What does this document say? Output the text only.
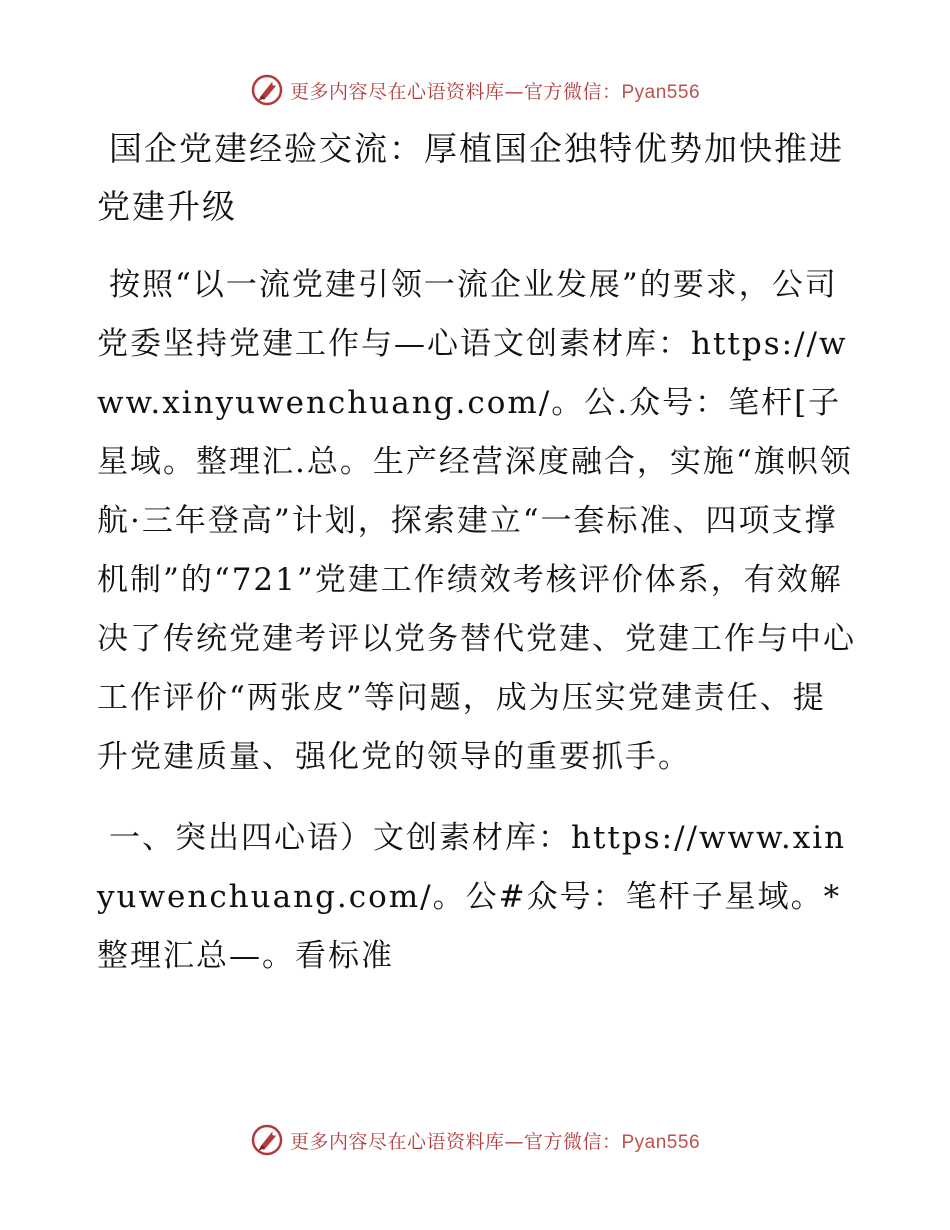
更多内容尽在心语资料库—官方微信：Pyan556
国企党建经验交流：厚植国企独特优势加快推进党建升级

按照“以一流党建引领一流企业发展”的要求，公司党委坚持党建工作与—心语文创素材库：https://www.xinyuwenchuang.com/。公.众号：笔杆[子星域。整理汇.总。生产经营深度融合，实施“旗帜领航·三年登高”计划，探索建立“一套标准、四项支撑机制”的“721”党建工作绩效考核评价体系，有效解决了传统党建考评以党务替代党建、党建工作与中心工作评价“两张皮”等问题，成为压实党建责任、提升党建质量、强化党的领导的重要抓手。

一、突出四心语）文创素材库：https://www.xinyuwenchuang.com/。公#众号：笔杆子星域。*整理汇总—。看标准

更多内容尽在心语资料库—官方微信：Pyan556
